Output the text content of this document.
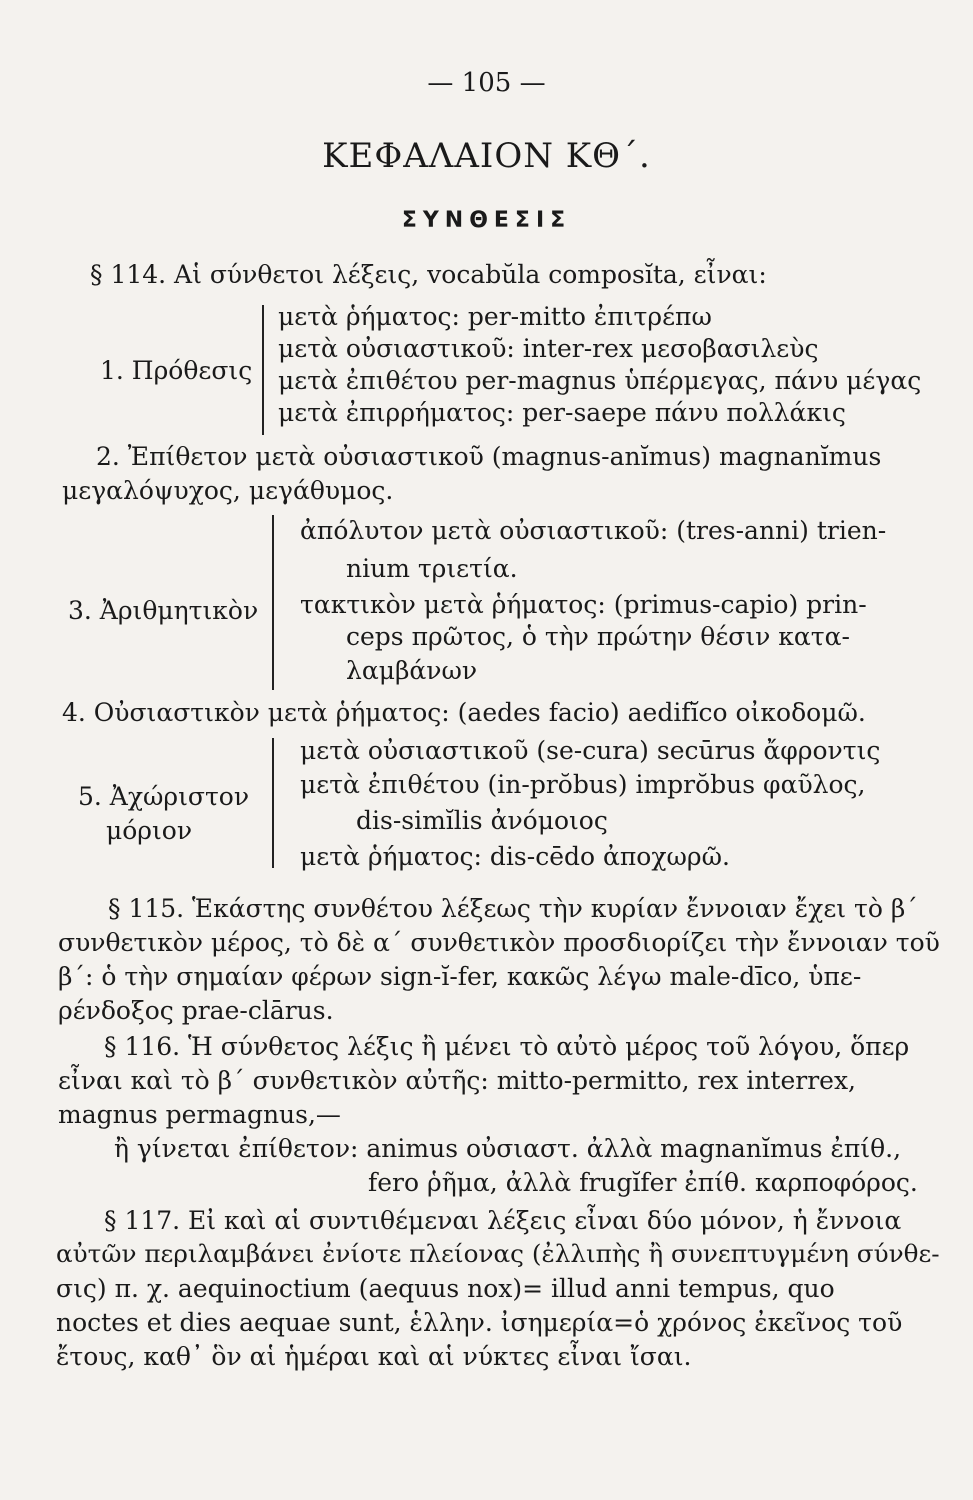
— 105 —
ΚΕΦΑΛΑΙΟΝ ΚΘ΄.
ΣΥΝΘΕΣΙΣ
§ 114. Αἱ σύνθετοι λέξεις, vocabŭla composĭta, εἶναι:
1. Πρόθεσις
μετὰ ῥήματος: per-mitto ἐπιτρέπω
μετὰ οὐσιαστικοῦ: inter-rex μεσοβασιλεὺς
μετὰ ἐπιθέτου per-magnus ὑπέρμεγας, πάνυ μέγας
μετὰ ἐπιρρήματος: per-saepe πάνυ πολλάκις
2. Ἐπίθετον μετὰ οὐσιαστικοῦ (magnus-anĭmus) magnanĭmus
μεγαλόψυχος, μεγάθυμος.
3. Ἀριθμητικὸν
ἀπόλυτον μετὰ οὐσιαστικοῦ: (tres-anni) trien-
nium τριετία.
τακτικὸν μετὰ ῥήματος: (primus-capio) prin-
ceps πρῶτος, ὁ τὴν πρώτην θέσιν κατα-
λαμβάνων
4. Οὐσιαστικὸν μετὰ ῥήματος: (aedes facio) aedifĭco οἰκοδομῶ.
5. Ἀχώριστον
μόριον
μετὰ οὐσιαστικοῦ (se-cura) secūrus ἄφροντις
μετὰ ἐπιθέτου (in-prŏbus) imprŏbus φαῦλος,
dis-simĭlis ἀνόμοιος
μετὰ ῥήματος: dis-cēdo ἀποχωρῶ.
§ 115. Ἑκάστης συνθέτου λέξεως τὴν κυρίαν ἔννοιαν ἔχει τὸ β΄
συνθετικὸν μέρος, τὸ δὲ α΄ συνθετικὸν προσδιορίζει τὴν ἔννοιαν τοῦ
β΄: ὁ τὴν σημαίαν φέρων sign-ĭ-fer, κακῶς λέγω male-dīco, ὑπε-
ρένδοξος prae-clārus.
§ 116. Ἡ σύνθετος λέξις ἢ μένει τὸ αὐτὸ μέρος τοῦ λόγου, ὅπερ
εἶναι καὶ τὸ β΄ συνθετικὸν αὐτῆς: mitto-permitto, rex interrex,
magnus permagnus,—
ἢ γίνεται ἐπίθετον: animus οὐσιαστ. ἀλλὰ magnanĭmus ἐπίθ.,
fero ῥῆμα, ἀλλὰ frugĭfer ἐπίθ. καρποφόρος.
§ 117. Εἰ καὶ αἱ συντιθέμεναι λέξεις εἶναι δύο μόνον, ἡ ἔννοια
αὐτῶν περιλαμβάνει ἐνίοτε πλείονας (ἐλλιπὴς ἢ συνεπτυγμένη σύνθε-
σις) π. χ. aequinoctium (aequus nox)= illud anni tempus, quo
noctes et dies aequae sunt, ἑλλην. ἰσημερία=ὁ χρόνος ἐκεῖνος τοῦ
ἔτους, καθ᾽ ὃν αἱ ἡμέραι καὶ αἱ νύκτες εἶναι ἴσαι.
